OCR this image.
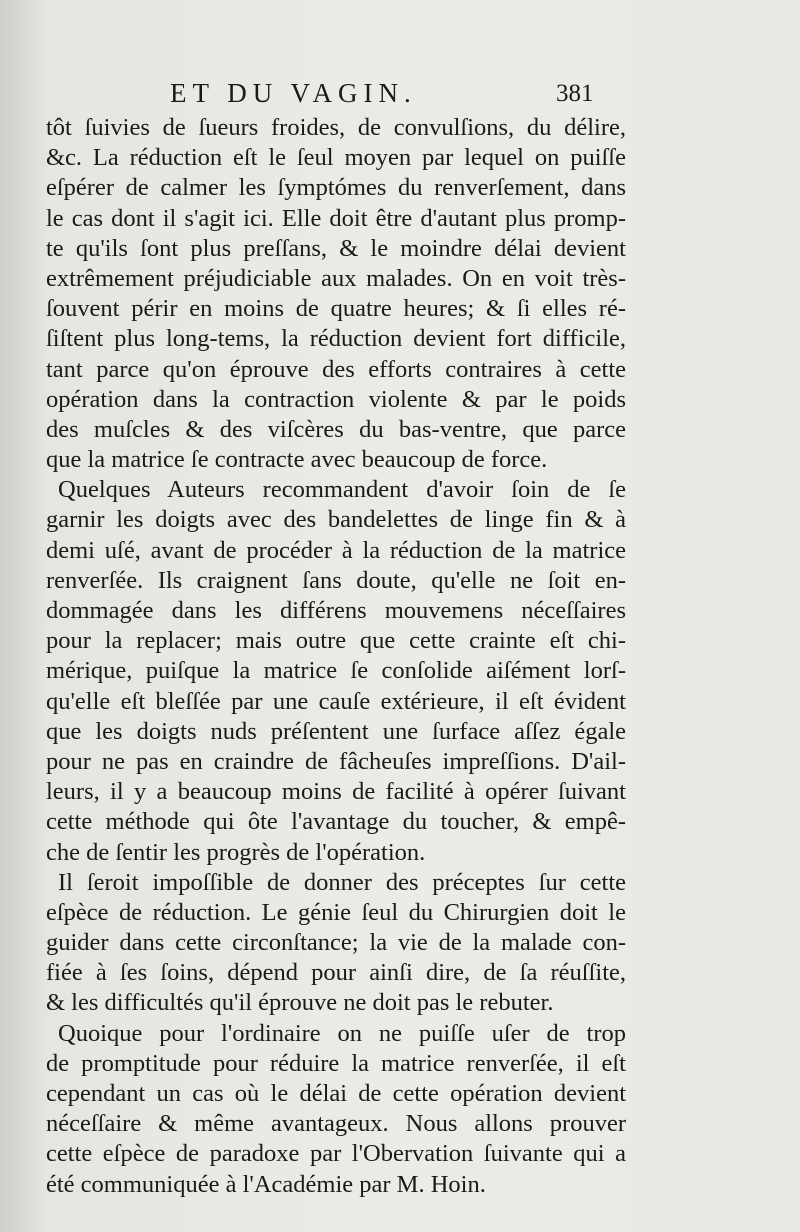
ET DU VAGIN.	381
tôt ſuivies de ſueurs froides, de convulſions, du délire,
&c. La réduction eſt le ſeul moyen par lequel on puiſſe
eſpérer de calmer les ſymptómes du renverſement, dans
le cas dont il s'agit ici. Elle doit être d'autant plus promp-
te qu'ils ſont plus preſſans, & le moindre délai devient
extrêmement préjudiciable aux malades. On en voit très-
ſouvent périr en moins de quatre heures; & ſi elles ré-
ſiſtent plus long-tems, la réduction devient fort difficile,
tant parce qu'on éprouve des efforts contraires à cette
opération dans la contraction violente & par le poids
des muſcles & des viſcères du bas-ventre, que parce
que la matrice ſe contracte avec beaucoup de force.
Quelques Auteurs recommandent d'avoir ſoin de ſe
garnir les doigts avec des bandelettes de linge fin & à
demi uſé, avant de procéder à la réduction de la matrice
renverſée. Ils craignent ſans doute, qu'elle ne ſoit en-
dommagée dans les différens mouvemens néceſſaires
pour la replacer; mais outre que cette crainte eſt chi-
mérique, puiſque la matrice ſe conſolide aiſément lorſ-
qu'elle eſt bleſſée par une cauſe extérieure, il eſt évident
que les doigts nuds préſentent une ſurface aſſez égale
pour ne pas en craindre de fâcheuſes impreſſions. D'ail-
leurs, il y a beaucoup moins de facilité à opérer ſuivant
cette méthode qui ôte l'avantage du toucher, & empê-
che de ſentir les progrès de l'opération.
Il ſeroit impoſſible de donner des préceptes ſur cette
eſpèce de réduction. Le génie ſeul du Chirurgien doit le
guider dans cette circonſtance; la vie de la malade con-
fiée à ſes ſoins, dépend pour ainſi dire, de ſa réuſſite,
& les difficultés qu'il éprouve ne doit pas le rebuter.
Quoique pour l'ordinaire on ne puiſſe uſer de trop
de promptitude pour réduire la matrice renverſée, il eſt
cependant un cas où le délai de cette opération devient
néceſſaire & même avantageux. Nous allons prouver
cette eſpèce de paradoxe par l'Obervation ſuivante qui a
été communiquée à l'Académie par M. Hoin.
